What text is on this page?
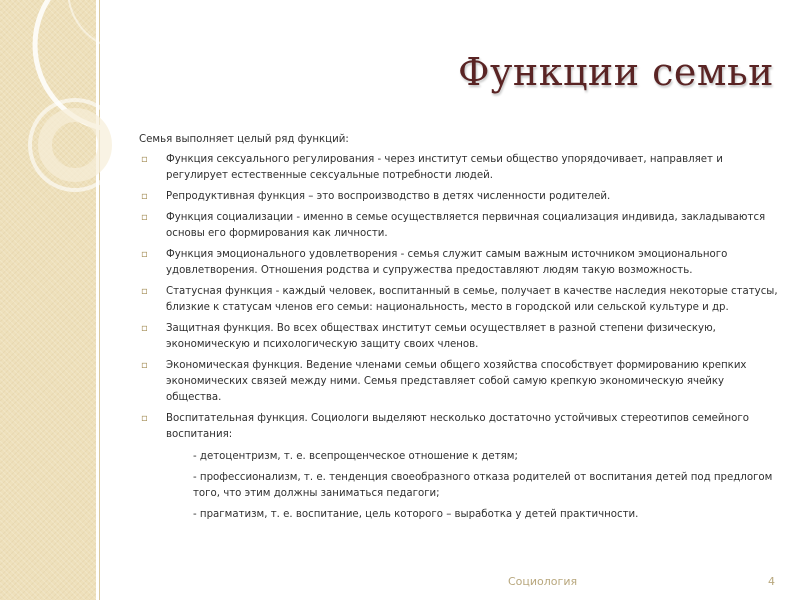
Функции семьи

Семья выполняет целый ряд функций:

▫ Функция сексуального регулирования - через институт семьи общество упорядочивает, направляет и регулирует естественные сексуальные потребности людей.
▫ Репродуктивная функция – это воспроизводство в детях численности родителей.
▫ Функция социализации - именно в семье осуществляется первичная социализация индивида, закладываются основы его формирования как личности.
▫ Функция эмоционального удовлетворения - семья служит самым важным источником эмоционального удовлетворения. Отношения родства и супружества предоставляют людям такую возможность.
▫ Статусная функция - каждый человек, воспитанный в семье, получает в качестве наследия некоторые статусы, близкие к статусам членов его семьи: национальность, место в городской или сельской культуре и др.
▫ Защитная функция. Во всех обществах институт семьи осуществляет в разной степени физическую, экономическую и психологическую защиту своих членов.
▫ Экономическая функция. Ведение членами семьи общего хозяйства способствует формированию крепких экономических связей между ними. Семья представляет собой самую крепкую экономическую ячейку общества.
▫ Воспитательная функция. Социологи выделяют несколько достаточно устойчивых стереотипов семейного воспитания:

- детоцентризм, т. е. всепрощенческое отношение к детям;

- профессионализм, т. е. тенденция своеобразного отказа родителей от воспитания детей под предлогом того, что этим должны заниматься педагоги;

- прагматизм, т. е. воспитание, цель которого – выработка у детей практичности.

Социология	4
